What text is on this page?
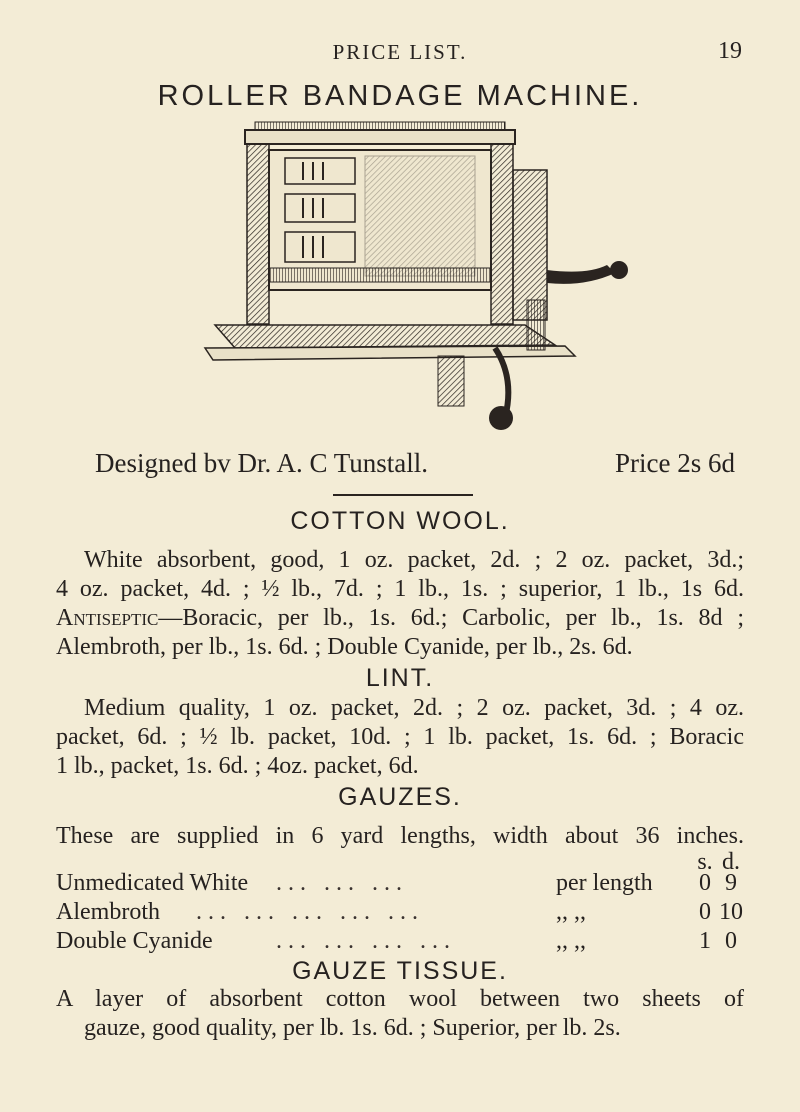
PRICE LIST.	19
ROLLER BANDAGE MACHINE.
Designed bv Dr. A. C Tunstall.	Price 2s 6d
COTTON WOOL.
White absorbent, good, 1 oz. packet, 2d. ; 2 oz. packet, 3d.;
4 oz. packet, 4d. ; ½ lb., 7d. ; 1 lb., 1s. ; superior, 1 lb., 1s 6d.
Antiseptic—Boracic, per lb., 1s. 6d.; Carbolic, per lb., 1s. 8d ;
Alembroth, per lb., 1s. 6d. ; Double Cyanide, per lb., 2s. 6d.
LINT.
Medium quality, 1 oz. packet, 2d. ; 2 oz. packet, 3d. ; 4 oz.
packet, 6d. ; ½ lb. packet, 10d. ; 1 lb. packet, 1s. 6d. ; Boracic
1 lb., packet, 1s. 6d. ; 4oz. packet, 6d.
GAUZES.
These are supplied in 6 yard lengths, width about 36 inches.
s. d.
Unmedicated White ... ... ...	per length 0 9
Alembroth ... ... ... ... ...	,, ,,	0 10
Double Cyanide	... ... ... ...	,, ,,	1 0
GAUZE TISSUE.
A layer of absorbent cotton wool between two sheets of
gauze, good quality, per lb. 1s. 6d. ; Superior, per lb. 2s.
